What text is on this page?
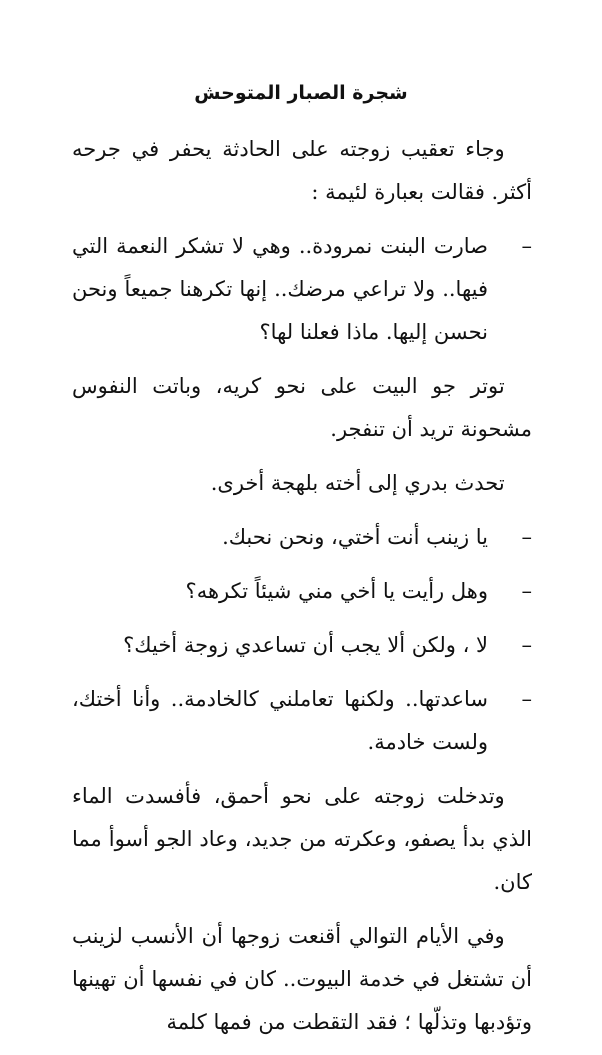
شجرة الصبار المتوحش

وجاء تعقيب زوجته على الحادثة يحفر في جرحه أكثر. فقالت بعبارة لئيمة :

–
صارت البنت نمرودة.. وهي لا تشكر النعمة التي فيها.. ولا تراعي مرضك.. إنها تكرهنا جميعاً ونحن نحسن إليها. ماذا فعلنا لها؟

توتر جو البيت على نحو كريه، وباتت النفوس مشحونة تريد أن تنفجر.

تحدث بدري إلى أخته بلهجة أخرى.

–
يا زينب أنت أختي، ونحن نحبك.

–
وهل رأيت يا أخي مني شيئاً تكرهه؟

–
لا ، ولكن ألا يجب أن تساعدي زوجة أخيك؟

–
ساعدتها.. ولكنها تعاملني كالخادمة.. وأنا أختك، ولست خادمة.

وتدخلت زوجته على نحو أحمق، فأفسدت الماء الذي بدأ يصفو، وعكرته من جديد، وعاد الجو أسوأ مما كان.

وفي الأيام التوالي أقنعت زوجها أن الأنسب لزينب أن تشتغل في خدمة البيوت.. كان في نفسها أن تهينها وتؤدبها وتذلّها ؛ فقد التقطت من فمها كلمة
